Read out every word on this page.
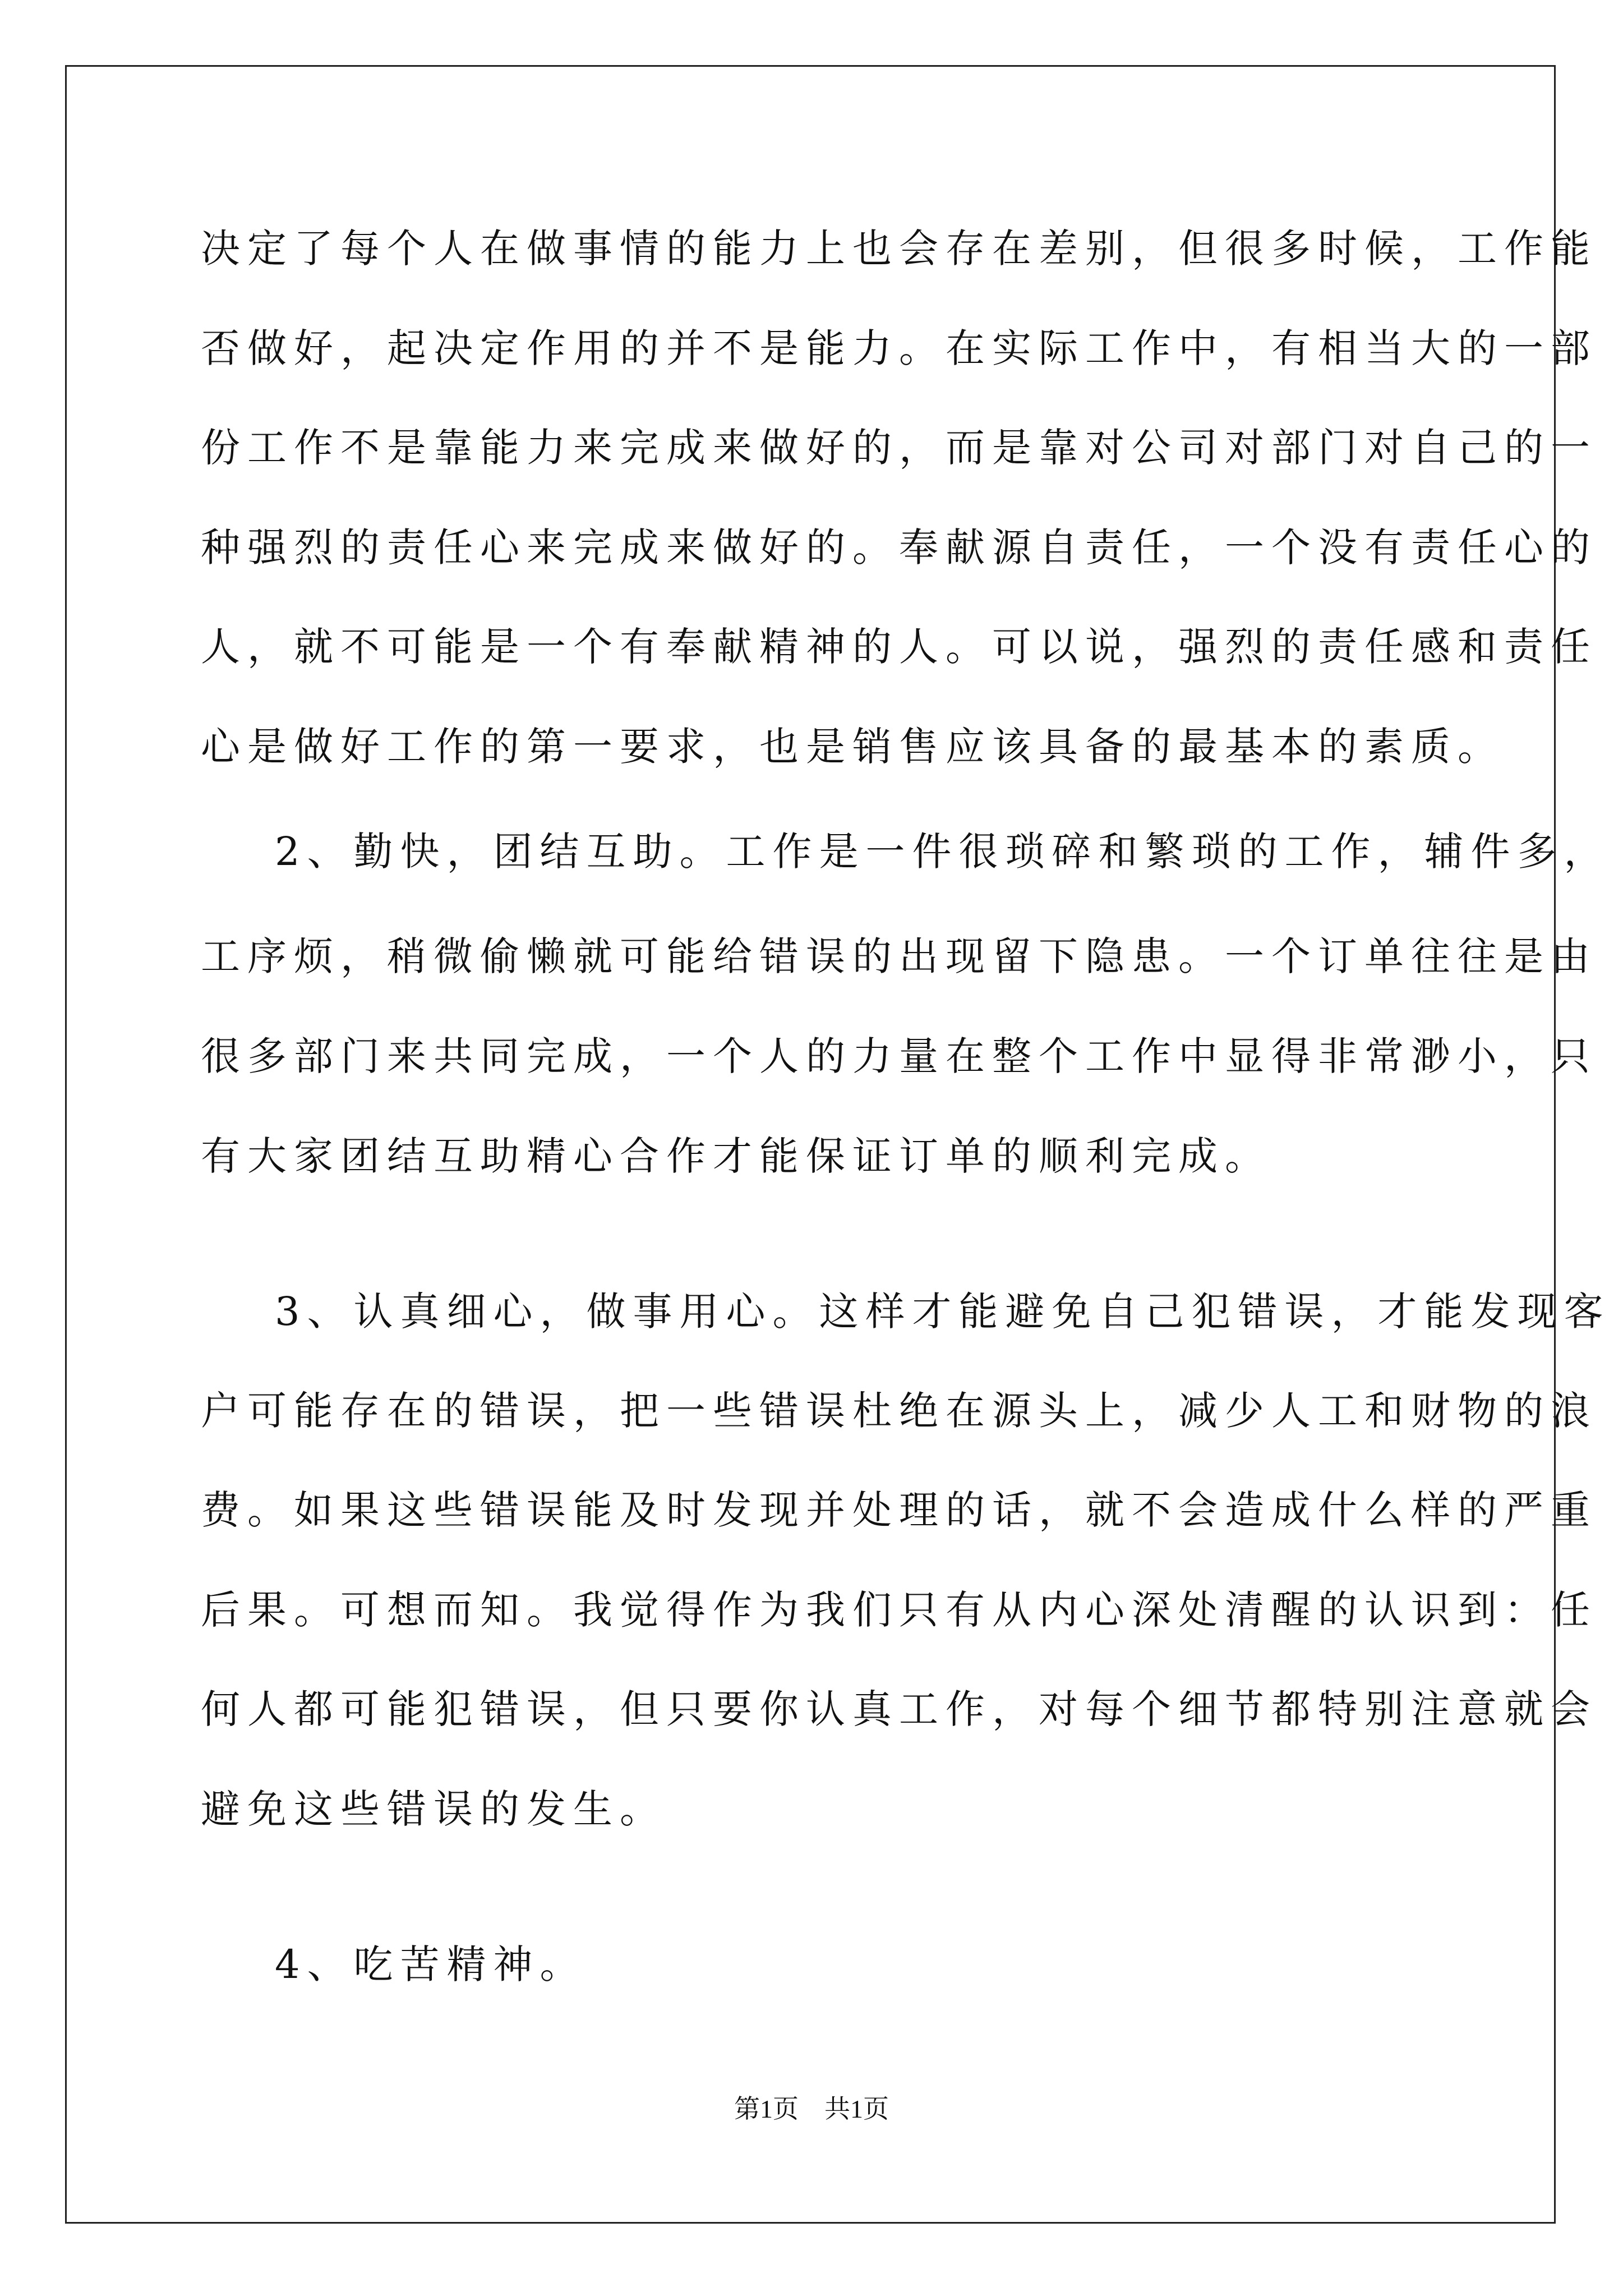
决定了每个人在做事情的能力上也会存在差别，但很多时候，工作能
否做好，起决定作用的并不是能力。在实际工作中，有相当大的一部
份工作不是靠能力来完成来做好的，而是靠对公司对部门对自己的一
种强烈的责任心来完成来做好的。奉献源自责任，一个没有责任心的
人，就不可能是一个有奉献精神的人。可以说，强烈的责任感和责任
心是做好工作的第一要求，也是销售应该具备的最基本的素质。
2、勤快，团结互助。工作是一件很琐碎和繁琐的工作，辅件多，
工序烦，稍微偷懒就可能给错误的出现留下隐患。一个订单往往是由
很多部门来共同完成，一个人的力量在整个工作中显得非常渺小，只
有大家团结互助精心合作才能保证订单的顺利完成。
3、认真细心，做事用心。这样才能避免自己犯错误，才能发现客
户可能存在的错误，把一些错误杜绝在源头上，减少人工和财物的浪
费。如果这些错误能及时发现并处理的话，就不会造成什么样的严重
后果。可想而知。我觉得作为我们只有从内心深处清醒的认识到：任
何人都可能犯错误，但只要你认真工作，对每个细节都特别注意就会
避免这些错误的发生。
4、吃苦精神。
第1页　共1页
